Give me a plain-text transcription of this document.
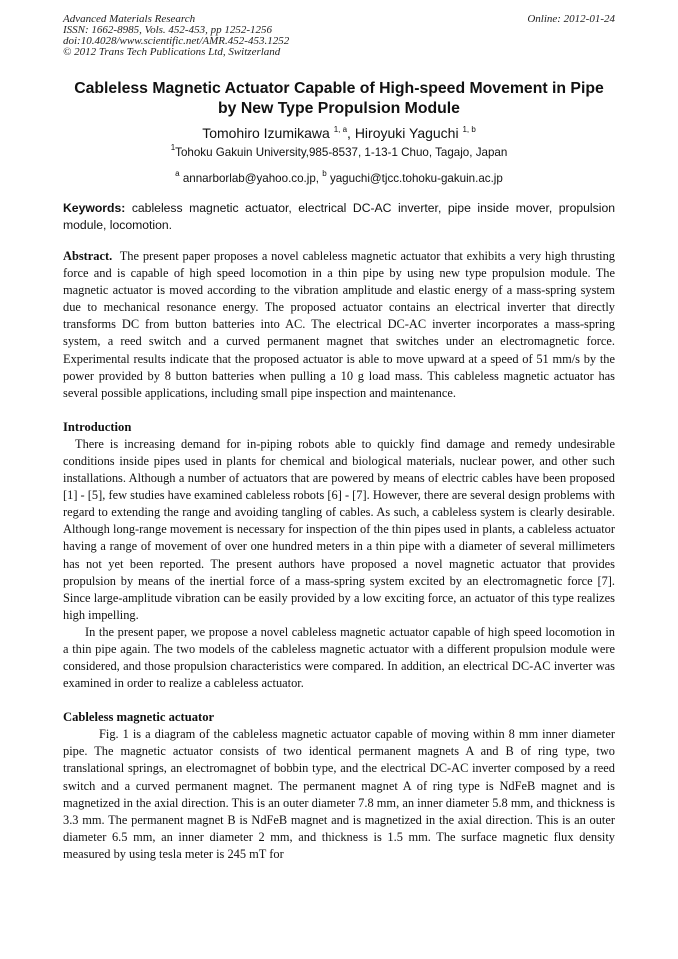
Advanced Materials Research	Online: 2012-01-24
ISSN: 1662-8985, Vols. 452-453, pp 1252-1256
doi:10.4028/www.scientific.net/AMR.452-453.1252
© 2012 Trans Tech Publications Ltd, Switzerland
Cableless Magnetic Actuator Capable of High-speed Movement in Pipe by New Type Propulsion Module
Tomohiro Izumikawa $^{1, a}$, Hiroyuki Yaguchi $^{1, b}$
$^1$Tohoku Gakuin University,985-8537, 1-13-1 Chuo, Tagajo, Japan
$^a$ annarborlab@yahoo.co.jp, $^b$ yaguchi@tjcc.tohoku-gakuin.ac.jp
Keywords: cableless magnetic actuator, electrical DC-AC inverter, pipe inside mover, propulsion module, locomotion.

Abstract. The present paper proposes a novel cableless magnetic actuator that exhibits a very high thrusting force and is capable of high speed locomotion in a thin pipe by using new type propulsion module. The magnetic actuator is moved according to the vibration amplitude and elastic energy of a mass-spring system due to mechanical resonance energy. The proposed actuator contains an electrical inverter that directly transforms DC from button batteries into AC. The electrical DC-AC inverter incorporates a mass-spring system, a reed switch and a curved permanent magnet that switches under an electromagnetic force. Experimental results indicate that the proposed actuator is able to move upward at a speed of 51 mm/s by the power provided by 8 button batteries when pulling a 10 g load mass. This cableless magnetic actuator has several possible applications, including small pipe inspection and maintenance.

Introduction

There is increasing demand for in-piping robots able to quickly find damage and remedy undesirable conditions inside pipes used in plants for chemical and biological materials, nuclear power, and other such installations. Although a number of actuators that are powered by means of electric cables have been proposed [1] - [5], few studies have examined cableless robots [6] - [7]. However, there are several design problems with regard to extending the range and avoiding tangling of cables. As such, a cableless system is clearly desirable. Although long-range movement is necessary for inspection of the thin pipes used in plants, a cableless actuator having a range of movement of over one hundred meters in a thin pipe with a diameter of several millimeters has not yet been reported. The present authors have proposed a novel magnetic actuator that provides propulsion by means of the inertial force of a mass-spring system excited by an electromagnetic force [7]. Since large-amplitude vibration can be easily provided by a low exciting force, an actuator of this type realizes high impelling.

In the present paper, we propose a novel cableless magnetic actuator capable of high speed locomotion in a thin pipe again. The two models of the cableless magnetic actuator with a different propulsion module were considered, and those propulsion characteristics were compared. In addition, an electrical DC-AC inverter was examined in order to realize a cableless actuator.

Cableless magnetic actuator

Fig. 1 is a diagram of the cableless magnetic actuator capable of moving within 8 mm inner diameter pipe. The magnetic actuator consists of two identical permanent magnets A and B of ring type, two translational springs, an electromagnet of bobbin type, and the electrical DC-AC inverter composed by a reed switch and a curved permanent magnet. The permanent magnet A of ring type is NdFeB magnet and is magnetized in the axial direction. This is an outer diameter 7.8 mm, an inner diameter 5.8 mm, and thickness is 3.3 mm. The permanent magnet B is NdFeB magnet and is magnetized in the axial direction. This is an outer diameter 6.5 mm, an inner diameter 2 mm, and thickness is 1.5 mm. The surface magnetic flux density measured by using tesla meter is 245 mT for
